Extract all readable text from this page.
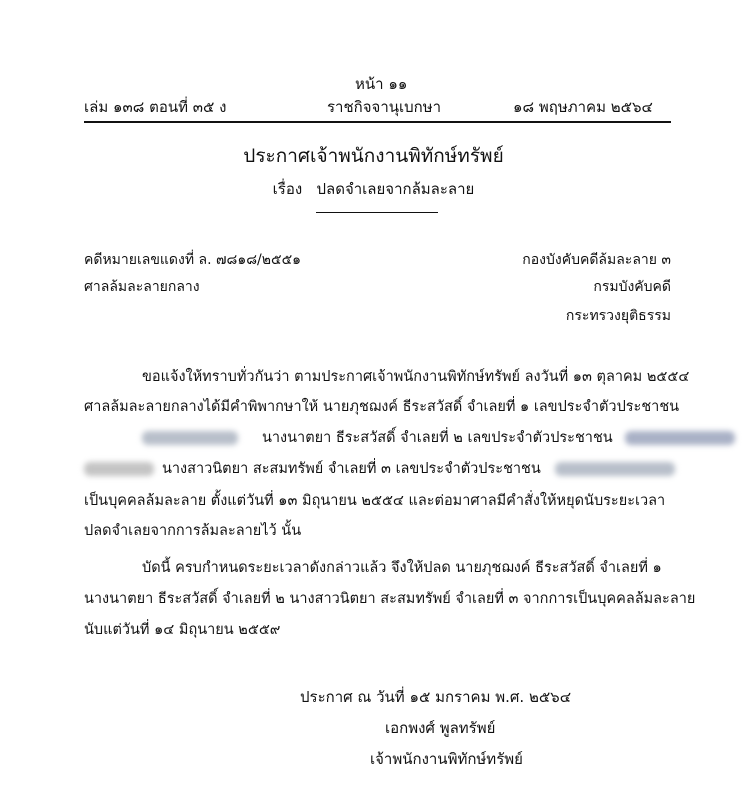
หน้า ๑๑
เล่ม ๑๓๘ ตอนที่ ๓๕ ง	ราชกิจจานุเบกษา	๑๘ พฤษภาคม ๒๕๖๔
ประกาศเจ้าพนักงานพิทักษ์ทรัพย์
เรื่อง ปลดจำเลยจากล้มละลาย
คดีหมายเลขแดงที่ ล. ๗๘๑๘/๒๕๕๑
ศาลล้มละลายกลาง
กองบังคับคดีล้มละลาย ๓
กรมบังคับคดี
กระทรวงยุติธรรม
ขอแจ้งให้ทราบทั่วกันว่า ตามประกาศเจ้าพนักงานพิทักษ์ทรัพย์ ลงวันที่ ๑๓ ตุลาคม ๒๕๕๔
ศาลล้มละลายกลางได้มีคำพิพากษาให้ นายภุชฌงค์ ธีระสวัสดิ์ จำเลยที่ ๑ เลขประจำตัวประชาชน
นางนาตยา ธีระสวัสดิ์ จำเลยที่ ๒ เลขประจำตัวประชาชน
นางสาวนิตยา สะสมทรัพย์ จำเลยที่ ๓ เลขประจำตัวประชาชน
เป็นบุคคลล้มละลาย ตั้งแต่วันที่ ๑๓ มิถุนายน ๒๕๕๔ และต่อมาศาลมีคำสั่งให้หยุดนับระยะเวลา
ปลดจำเลยจากการล้มละลายไว้ นั้น
บัดนี้ ครบกำหนดระยะเวลาดังกล่าวแล้ว จึงให้ปลด นายภุชฌงค์ ธีระสวัสดิ์ จำเลยที่ ๑
นางนาตยา ธีระสวัสดิ์ จำเลยที่ ๒ นางสาวนิตยา สะสมทรัพย์ จำเลยที่ ๓ จากการเป็นบุคคลล้มละลาย
นับแต่วันที่ ๑๔ มิถุนายน ๒๕๕๙
ประกาศ ณ วันที่ ๑๕ มกราคม พ.ศ. ๒๕๖๔
เอกพงศ์ พูลทรัพย์
เจ้าพนักงานพิทักษ์ทรัพย์
